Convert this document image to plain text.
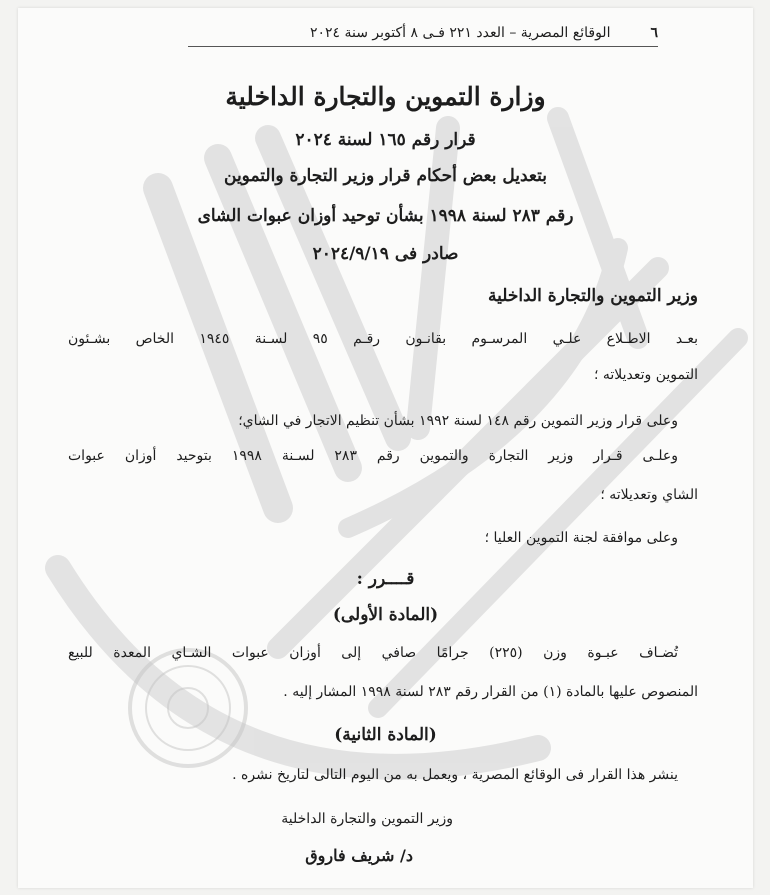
٦
الوقائع المصرية – العدد ٢٢١ فـى ٨ أكتوبر سنة ٢٠٢٤
وزارة التموين والتجارة الداخلية
قرار رقم ١٦٥ لسنة ٢٠٢٤
بتعديل بعض أحكام قرار وزير التجارة والتموين
رقم ٢٨٣ لسنة ١٩٩٨ بشأن توحيد أوزان عبوات الشاى
صادر فى ٢٠٢٤/٩/١٩
وزير التموين والتجارة الداخلية
بعـد الاطـلاع علـي المرسـوم بقانـون رقـم ٩٥ لسـنة ١٩٤٥ الخاص بشـئون
التموين وتعديلاته ؛
وعلى قرار وزير التموين رقم ١٤٨ لسنة ١٩٩٢ بشأن تنظيم الاتجار في الشاي؛
وعلـى قـرار وزير التجارة والتموين رقم ٢٨٣ لسـنة ١٩٩٨ بتوحيد أوزان عبوات
الشاي وتعديلاته ؛
وعلى موافقة لجنة التموين العليا ؛
قــــرر :
(المادة الأولى)
تُضـاف عبـوة وزن (٢٢٥) جرامًا صافي إلى أوزان عبوات الشـاي المعدة للبيع
المنصوص عليها بالمادة (١) من القرار رقم ٢٨٣ لسنة ١٩٩٨ المشار إليه .
(المادة الثانية)
ينشر هذا القرار فى الوقائع المصرية ، ويعمل به من اليوم التالى لتاريخ نشره .
وزير التموين والتجارة الداخلية
د/ شريف فاروق
